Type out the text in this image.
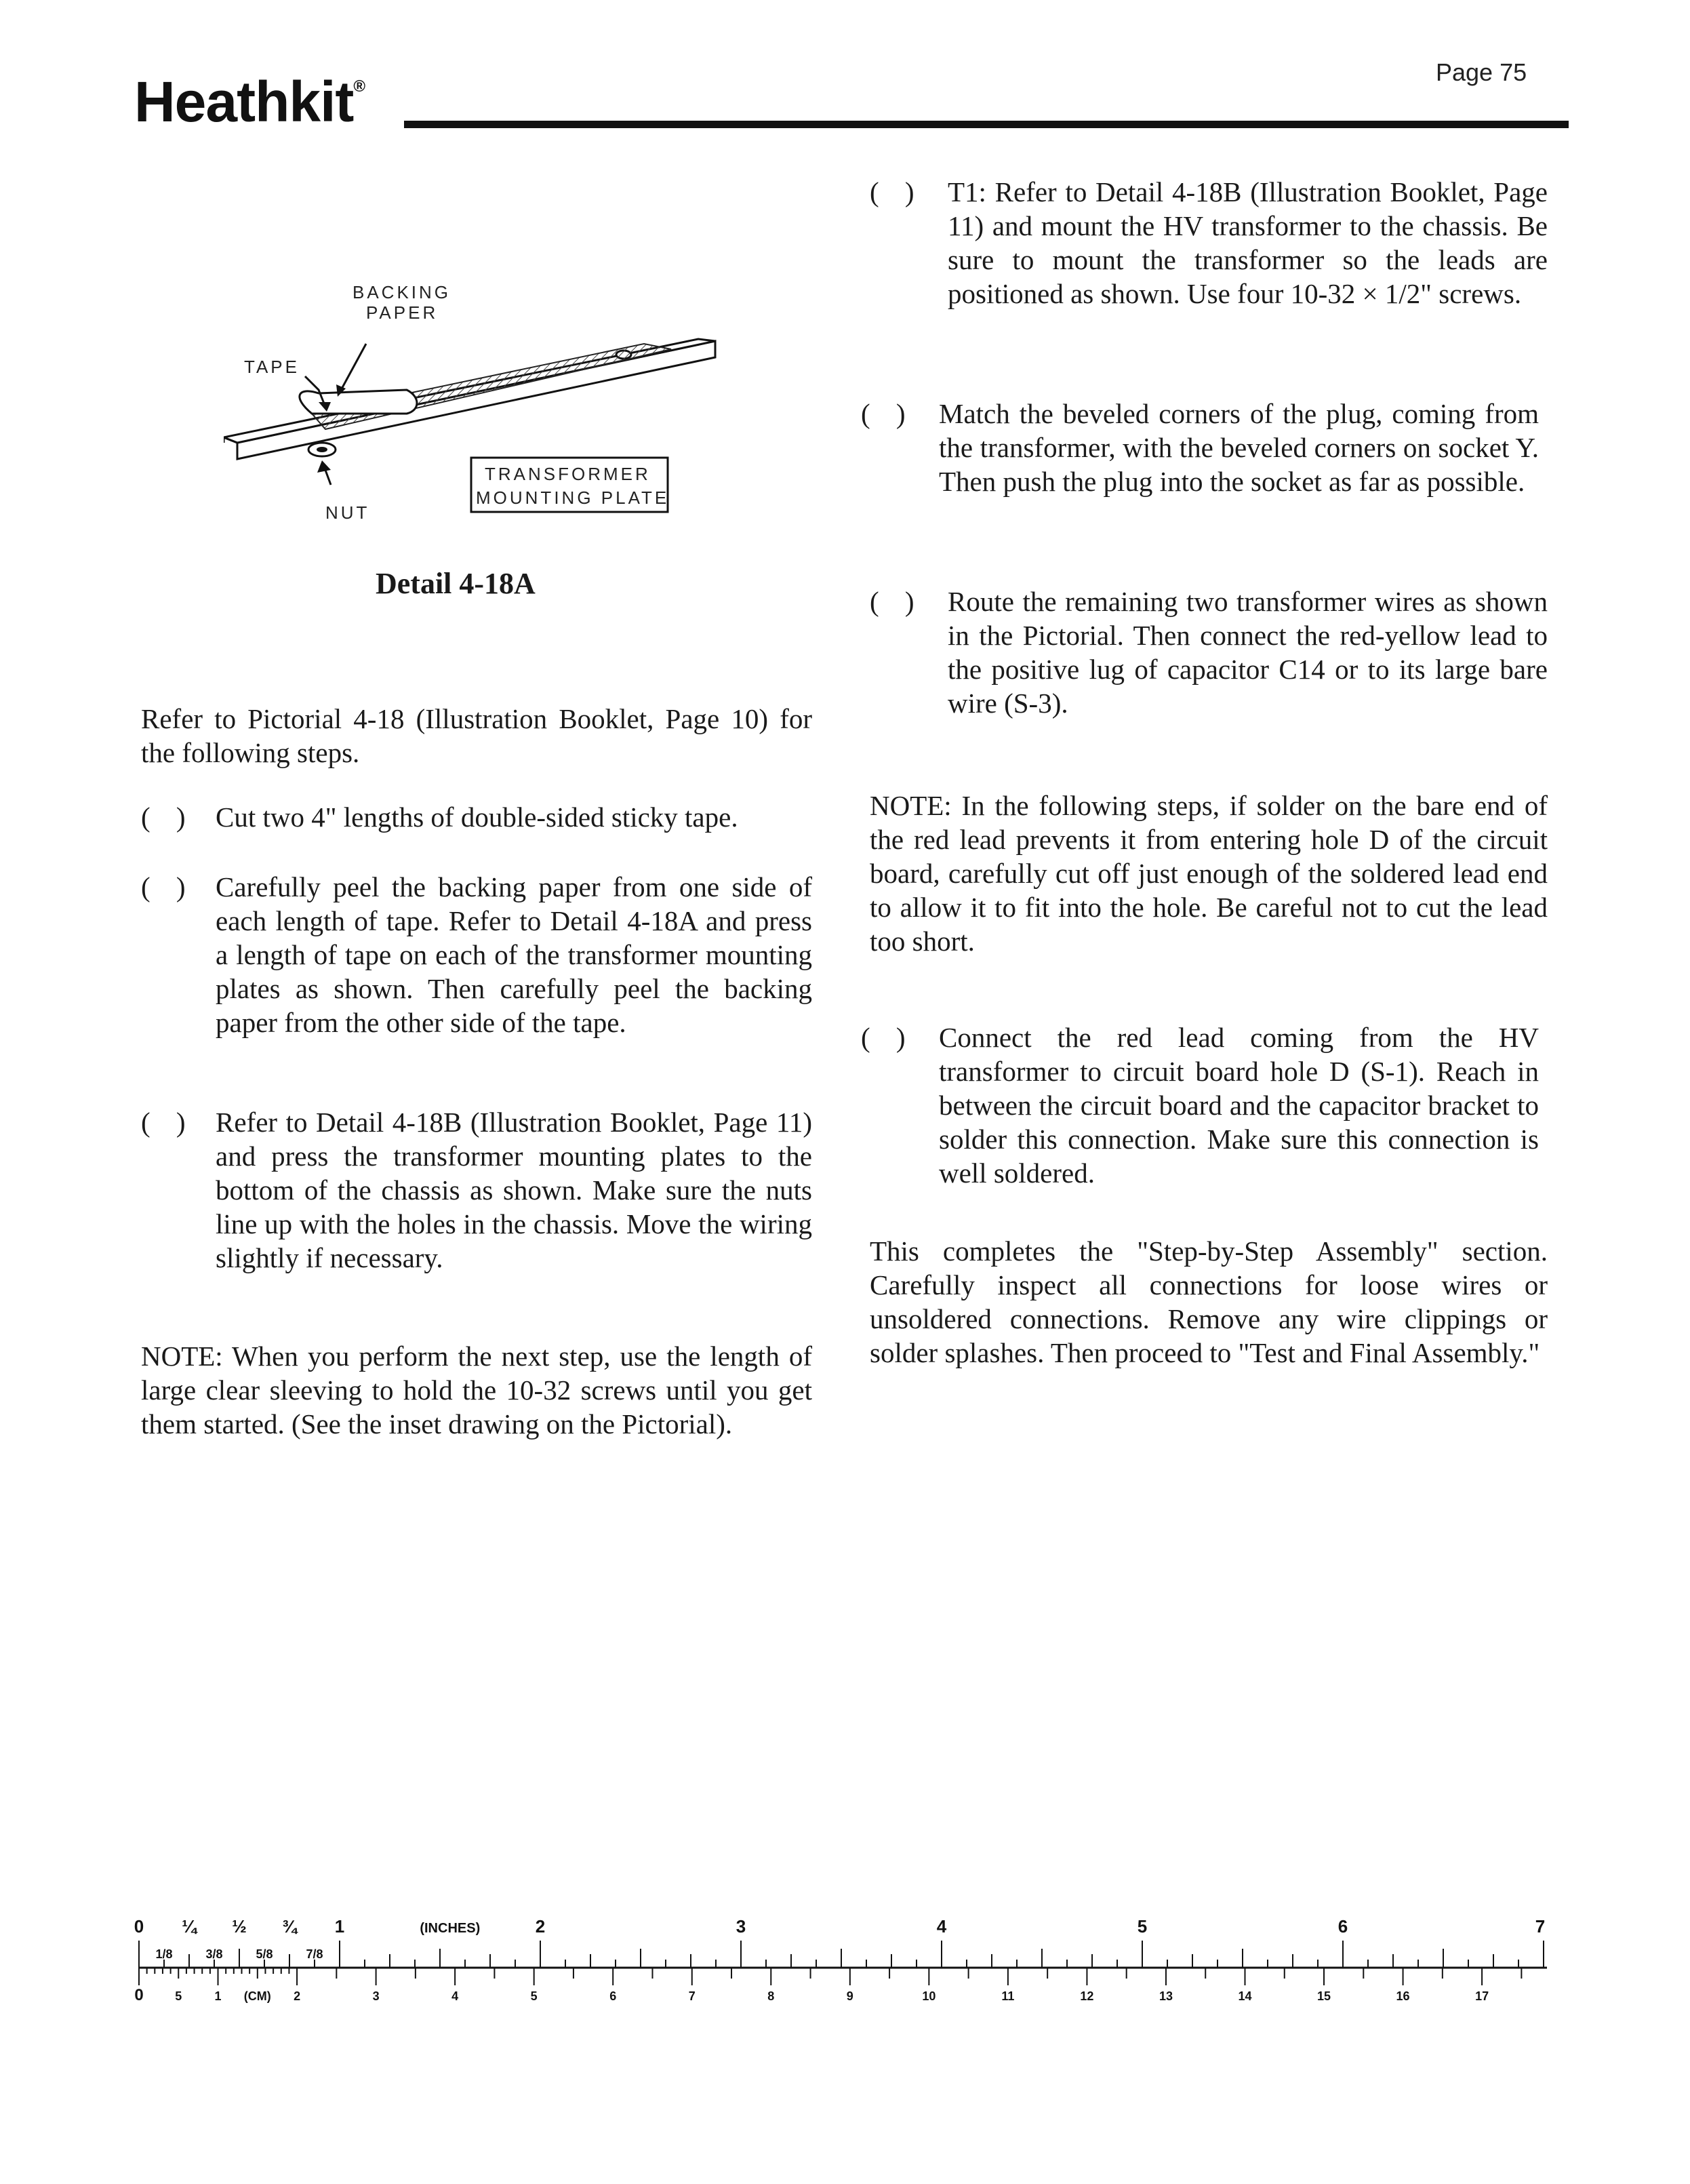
Heathkit®
Page 75
BACKING
PAPER
TAPE
NUT
TRANSFORMER
MOUNTING PLATE
Detail 4-18A
Refer to Pictorial 4-18 (Illustration Booklet, Page 10) for the following steps.
( ) Cut two 4" lengths of double-sided sticky tape.
( ) Carefully peel the backing paper from one side of each length of tape. Refer to Detail 4-18A and press a length of tape on each of the transformer mounting plates as shown. Then carefully peel the backing paper from the other side of the tape.
( ) Refer to Detail 4-18B (Illustration Booklet, Page 11) and press the transformer mounting plates to the bottom of the chassis as shown. Make sure the nuts line up with the holes in the chassis. Move the wiring slightly if necessary.
NOTE: When you perform the next step, use the length of large clear sleeving to hold the 10-32 screws until you get them started. (See the inset drawing on the Pictorial).
( ) T1: Refer to Detail 4-18B (Illustration Booklet, Page 11) and mount the HV transformer to the chassis. Be sure to mount the transformer so the leads are positioned as shown. Use four 10-32 × 1/2" screws.
( ) Match the beveled corners of the plug, coming from the transformer, with the beveled corners on socket Y. Then push the plug into the socket as far as possible.
( ) Route the remaining two transformer wires as shown in the Pictorial. Then connect the red-yellow lead to the positive lug of capacitor C14 or to its large bare wire (S-3).
NOTE: In the following steps, if solder on the bare end of the red lead prevents it from entering hole D of the circuit board, carefully cut off just enough of the soldered lead end to allow it to fit into the hole. Be careful not to cut the lead too short.
( ) Connect the red lead coming from the HV transformer to circuit board hole D (S-1). Reach in between the circuit board and the capacitor bracket to solder this connection. Make sure this connection is well soldered.
This completes the "Step-by-Step Assembly" section. Carefully inspect all connections for loose wires or unsoldered connections. Remove any wire clippings or solder splashes. Then proceed to "Test and Final Assembly."
0 ¼ ½ ¾ 1	2	3	4	5	6	7
(INCHES)
1/8	3/8	5/8	7/8
0	5	1	2	3	4	5	6	7	8	9	10	11	12	13	14	15	16	17
(CM)
